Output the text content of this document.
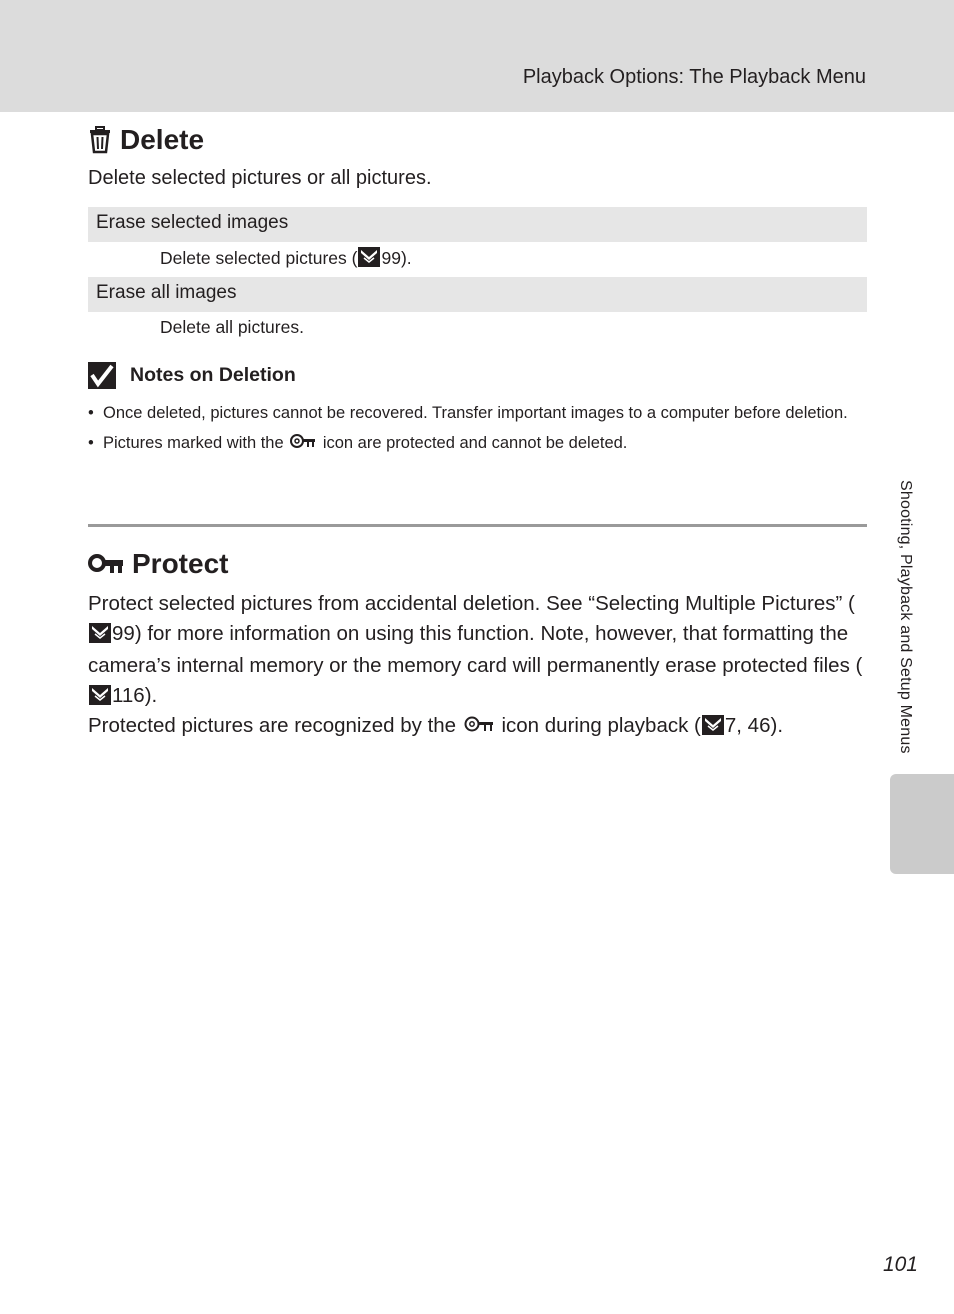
Playback Options: The Playback Menu
Delete
Delete selected pictures or all pictures.
Erase selected images
Delete selected pictures ( 99).
Erase all images
Delete all pictures.
Notes on Deletion
• Once deleted, pictures cannot be recovered. Transfer important images to a computer before deletion.
• Pictures marked with the  icon are protected and cannot be deleted.
Protect
Protect selected pictures from accidental deletion. See “Selecting Multiple Pictures” (99) for more information on using this function. Note, however, that formatting the camera’s internal memory or the memory card will permanently erase protected files (116).
Protected pictures are recognized by the  icon during playback ( 7, 46).	Shooting, Playback and Setup Menus
101
